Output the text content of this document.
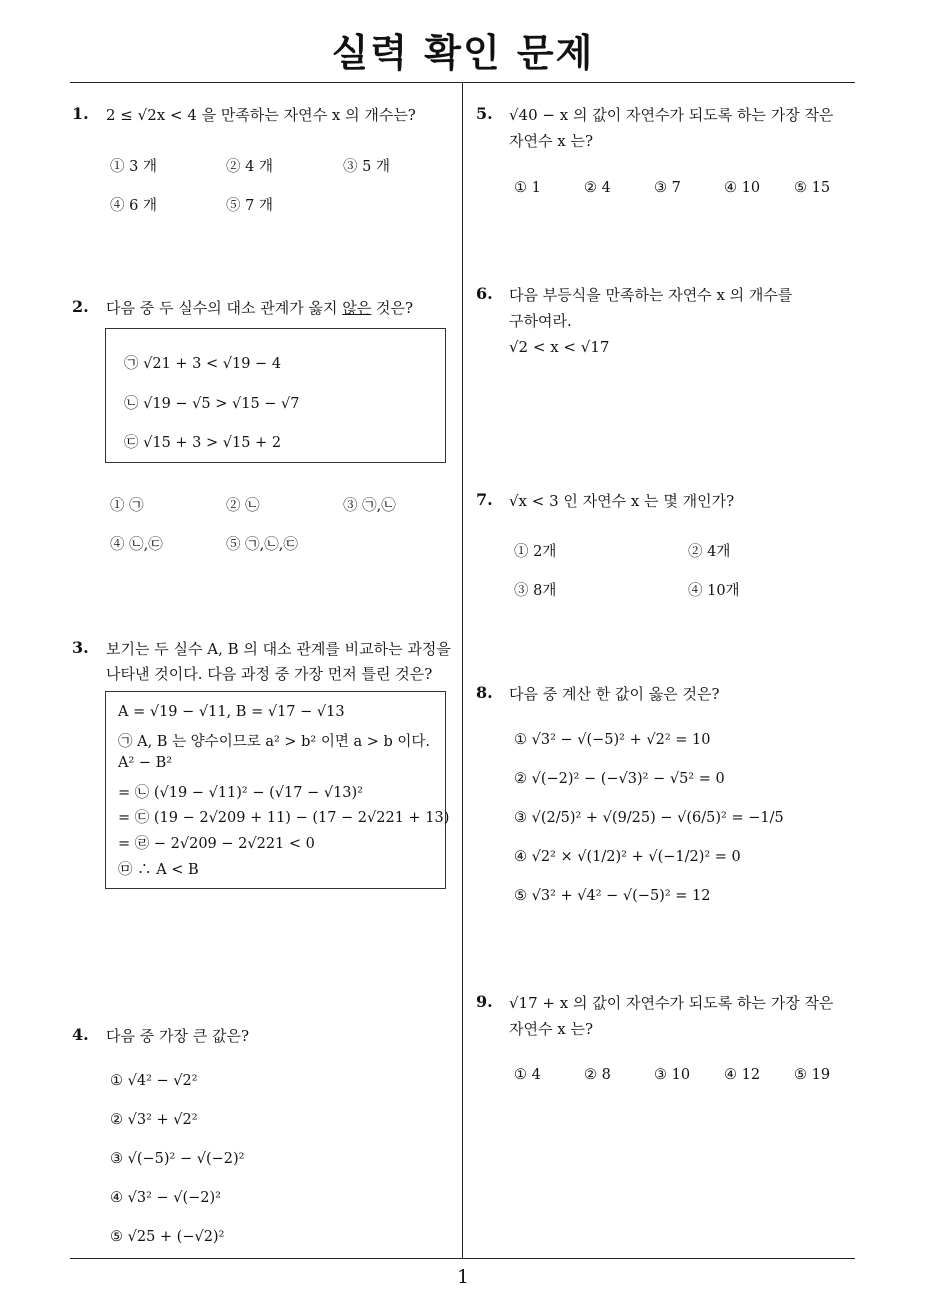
실력 확인 문제
1
1. 2 ≤ √2x < 4 을 만족하는 자연수 x 의 개수는?
① 3 개	② 4 개	③ 5 개
④ 6 개	⑤ 7 개
2. 다음 중 두 실수의 대소 관계가 옳지 않은 것은?
㉠ √21 + 3 < √19 − 4
㉡ √19 − √5 > √15 − √7
㉢ √15 + 3 > √15 + 2
① ㉠	② ㉡	③ ㉠,㉡
④ ㉡,㉢	⑤ ㉠,㉡,㉢
3. 보기는 두 실수 A, B 의 대소 관계를 비교하는 과정을
나타낸 것이다. 다음 과정 중 가장 먼저 틀린 것은?
A = √19 − √11, B = √17 − √13
㉠ A, B 는 양수이므로 a² > b² 이면 a > b 이다.
A² − B²
= ㉡ (√19 − √11)² − (√17 − √13)²
= ㉢ (19 − 2√209 + 11) − (17 − 2√221 + 13)
= ㉣ − 2√209 − 2√221 < 0
㉤ ∴ A < B
4. 다음 중 가장 큰 값은?
① √4² − √2²
② √3² + √2²
③ √(−5)² − √(−2)²
④ √3² − √(−2)²
⑤ √25 + (−√2)²
5. √40 − x 의 값이 자연수가 되도록 하는 가장 작은
자연수 x 는?
① 1	② 4	③ 7	④ 10 ⑤ 15
6. 다음 부등식을 만족하는 자연수 x 의 개수를
구하여라.
√2 < x < √17
7. √x < 3 인 자연수 x 는 몇 개인가?
① 2개	② 4개
③ 8개	④ 10개
8. 다음 중 계산 한 값이 옳은 것은?
① √3² − √(−5)² + √2² = 10
② √(−2)² − (−√3)² − √5² = 0
③ √(2/5)² + √(9/25) − √(6/5)² = −1/5
④ √2² × √(1/2)² + √(−1/2)² = 0
⑤ √3² + √4² − √(−5)² = 12
9. √17 + x 의 값이 자연수가 되도록 하는 가장 작은
자연수 x 는?
① 4	② 8	③ 10 ④ 12 ⑤ 19
